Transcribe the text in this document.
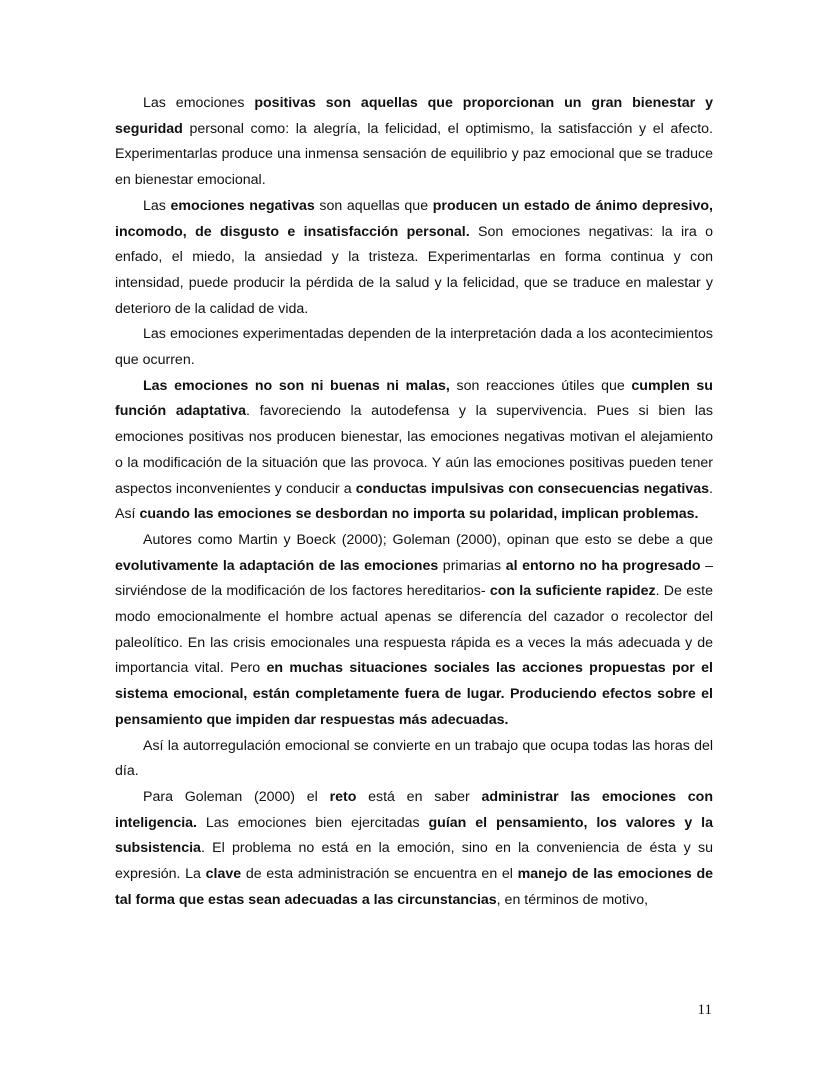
Las emociones positivas son aquellas que proporcionan un gran bienestar y seguridad personal como: la alegría, la felicidad, el optimismo, la satisfacción y el afecto. Experimentarlas produce una inmensa sensación de equilibrio y paz emocional que se traduce en bienestar emocional.

Las emociones negativas son aquellas que producen un estado de ánimo depresivo, incomodo, de disgusto e insatisfacción personal. Son emociones negativas: la ira o enfado, el miedo, la ansiedad y la tristeza. Experimentarlas en forma continua y con intensidad, puede producir la pérdida de la salud y la felicidad, que se traduce en malestar y deterioro de la calidad de vida.

Las emociones experimentadas dependen de la interpretación dada a los acontecimientos que ocurren.

Las emociones no son ni buenas ni malas, son reacciones útiles que cumplen su función adaptativa. favoreciendo la autodefensa y la supervivencia. Pues si bien las emociones positivas nos producen bienestar, las emociones negativas motivan el alejamiento o la modificación de la situación que las provoca. Y aún las emociones positivas pueden tener aspectos inconvenientes y conducir a conductas impulsivas con consecuencias negativas. Así cuando las emociones se desbordan no importa su polaridad, implican problemas.

Autores como Martin y Boeck (2000); Goleman (2000), opinan que esto se debe a que evolutivamente la adaptación de las emociones primarias al entorno no ha progresado –sirviéndose de la modificación de los factores hereditarios- con la suficiente rapidez. De este modo emocionalmente el hombre actual apenas se diferencía del cazador o recolector del paleolítico. En las crisis emocionales una respuesta rápida es a veces la más adecuada y de importancia vital. Pero en muchas situaciones sociales las acciones propuestas por el sistema emocional, están completamente fuera de lugar. Produciendo efectos sobre el pensamiento que impiden dar respuestas más adecuadas.

Así la autorregulación emocional se convierte en un trabajo que ocupa todas las horas del día.

Para Goleman (2000) el reto está en saber administrar las emociones con inteligencia. Las emociones bien ejercitadas guían el pensamiento, los valores y la subsistencia. El problema no está en la emoción, sino en la conveniencia de ésta y su expresión. La clave de esta administración se encuentra en el manejo de las emociones de tal forma que estas sean adecuadas a las circunstancias, en términos de motivo,

11
